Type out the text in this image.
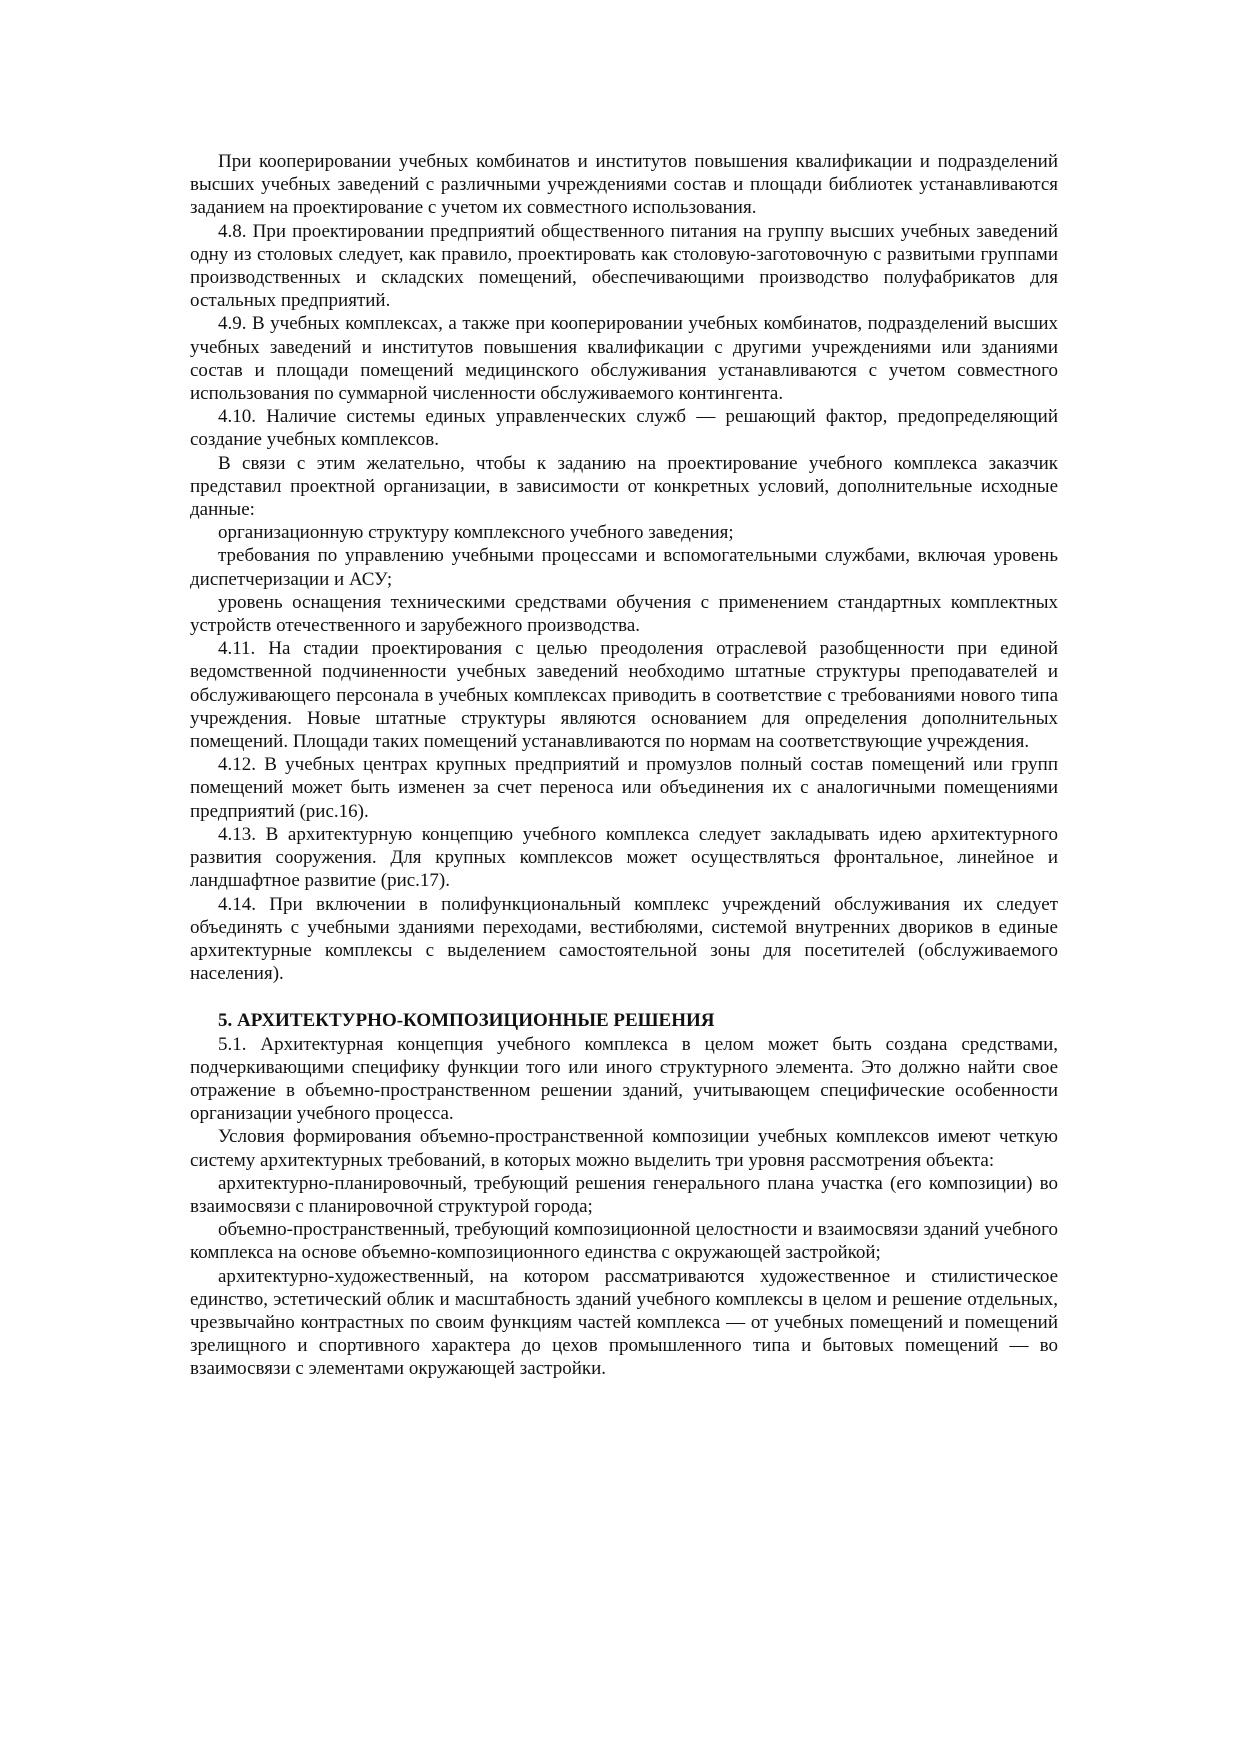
При кооперировании учебных комбинатов и институтов повышения квалификации и подразделений высших учебных заведений с различными учреждениями состав и площади библиотек устанавливаются заданием на проектирование с учетом их совместного использования.

4.8. При проектировании предприятий общественного питания на группу высших учебных заведений одну из столовых следует, как правило, проектировать как столовую-заготовочную с развитыми группами производственных и складских помещений, обеспечивающими производство полуфабрикатов для остальных предприятий.

4.9. В учебных комплексах, а также при кооперировании учебных комбинатов, подразделений высших учебных заведений и институтов повышения квалификации с другими учреждениями или зданиями состав и площади помещений медицинского обслуживания устанавливаются с учетом совместного использования по суммарной численности обслуживаемого контингента.

4.10. Наличие системы единых управленческих служб — решающий фактор, предопределяющий создание учебных комплексов.

В связи с этим желательно, чтобы к заданию на проектирование учебного комплекса заказчик представил проектной организации, в зависимости от конкретных условий, дополнительные исходные данные:

организационную структуру комплексного учебного заведения;

требования по управлению учебными процессами и вспомогательными службами, включая уровень диспетчеризации и АСУ;

уровень оснащения техническими средствами обучения с применением стандартных комплектных устройств отечественного и зарубежного производства.

4.11. На стадии проектирования с целью преодоления отраслевой разобщенности при единой ведомственной подчиненности учебных заведений необходимо штатные структуры преподавателей и обслуживающего персонала в учебных комплексах приводить в соответствие с требованиями нового типа учреждения. Новые штатные структуры являются основанием для определения дополнительных помещений. Площади таких помещений устанавливаются по нормам на соответствующие учреждения.

4.12. В учебных центрах крупных предприятий и промузлов полный состав помещений или групп помещений может быть изменен за счет переноса или объединения их с аналогичными помещениями предприятий (рис.16).

4.13. В архитектурную концепцию учебного комплекса следует закладывать идею архитектурного развития сооружения. Для крупных комплексов может осуществляться фронтальное, линейное и ландшафтное развитие (рис.17).

4.14. При включении в полифункциональный комплекс учреждений обслуживания их следует объединять с учебными зданиями переходами, вестибюлями, системой внутренних двориков в единые архитектурные комплексы с выделением самостоятельной зоны для посетителей (обслуживаемого населения).

5. АРХИТЕКТУРНО-КОМПОЗИЦИОННЫЕ РЕШЕНИЯ

5.1. Архитектурная концепция учебного комплекса в целом может быть создана средствами, подчеркивающими специфику функции того или иного структурного элемента. Это должно найти свое отражение в объемно-пространственном решении зданий, учитывающем специфические особенности организации учебного процесса.

Условия формирования объемно-пространственной композиции учебных комплексов имеют четкую систему архитектурных требований, в которых можно выделить три уровня рассмотрения объекта:

архитектурно-планировочный, требующий решения генерального плана участка (его композиции) во взаимосвязи с планировочной структурой города;

объемно-пространственный, требующий композиционной целостности и взаимосвязи зданий учебного комплекса на основе объемно-композиционного единства с окружающей застройкой;

архитектурно-художественный, на котором рассматриваются художественное и стилистическое единство, эстетический облик и масштабность зданий учебного комплексы в целом и решение отдельных, чрезвычайно контрастных по своим функциям частей комплекса — от учебных помещений и помещений зрелищного и спортивного характера до цехов промышленного типа и бытовых помещений — во взаимосвязи с элементами окружающей застройки.
